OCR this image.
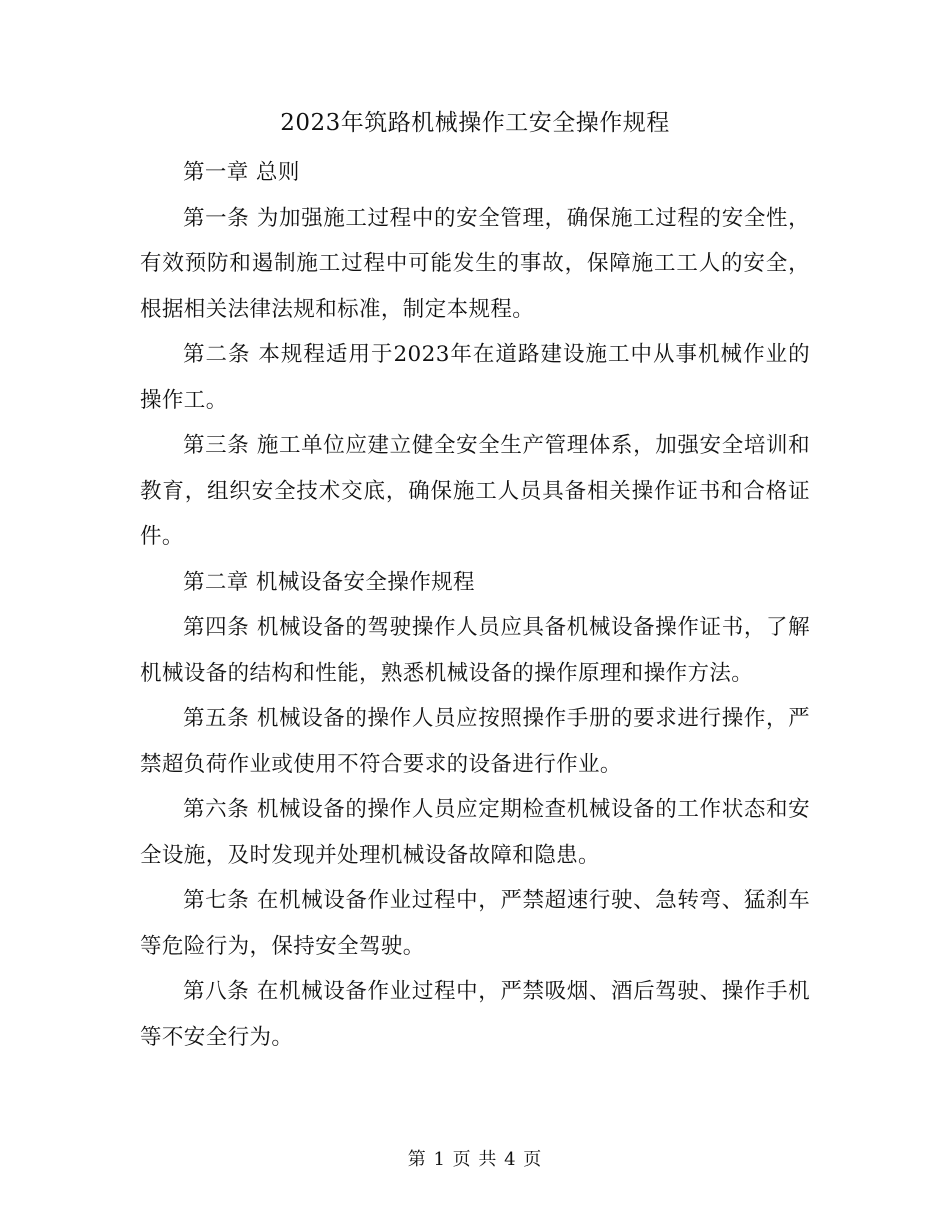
2023年筑路机械操作工安全操作规程

第一章 总则

第一条 为加强施工过程中的安全管理，确保施工过程的安全性，有效预防和遏制施工过程中可能发生的事故，保障施工工人的安全，根据相关法律法规和标准，制定本规程。

第二条 本规程适用于2023年在道路建设施工中从事机械作业的操作工。

第三条 施工单位应建立健全安全生产管理体系，加强安全培训和教育，组织安全技术交底，确保施工人员具备相关操作证书和合格证件。

第二章 机械设备安全操作规程

第四条 机械设备的驾驶操作人员应具备机械设备操作证书，了解机械设备的结构和性能，熟悉机械设备的操作原理和操作方法。

第五条 机械设备的操作人员应按照操作手册的要求进行操作，严禁超负荷作业或使用不符合要求的设备进行作业。

第六条 机械设备的操作人员应定期检查机械设备的工作状态和安全设施，及时发现并处理机械设备故障和隐患。

第七条 在机械设备作业过程中，严禁超速行驶、急转弯、猛刹车等危险行为，保持安全驾驶。

第八条 在机械设备作业过程中，严禁吸烟、酒后驾驶、操作手机等不安全行为。

第 1 页 共 4 页
